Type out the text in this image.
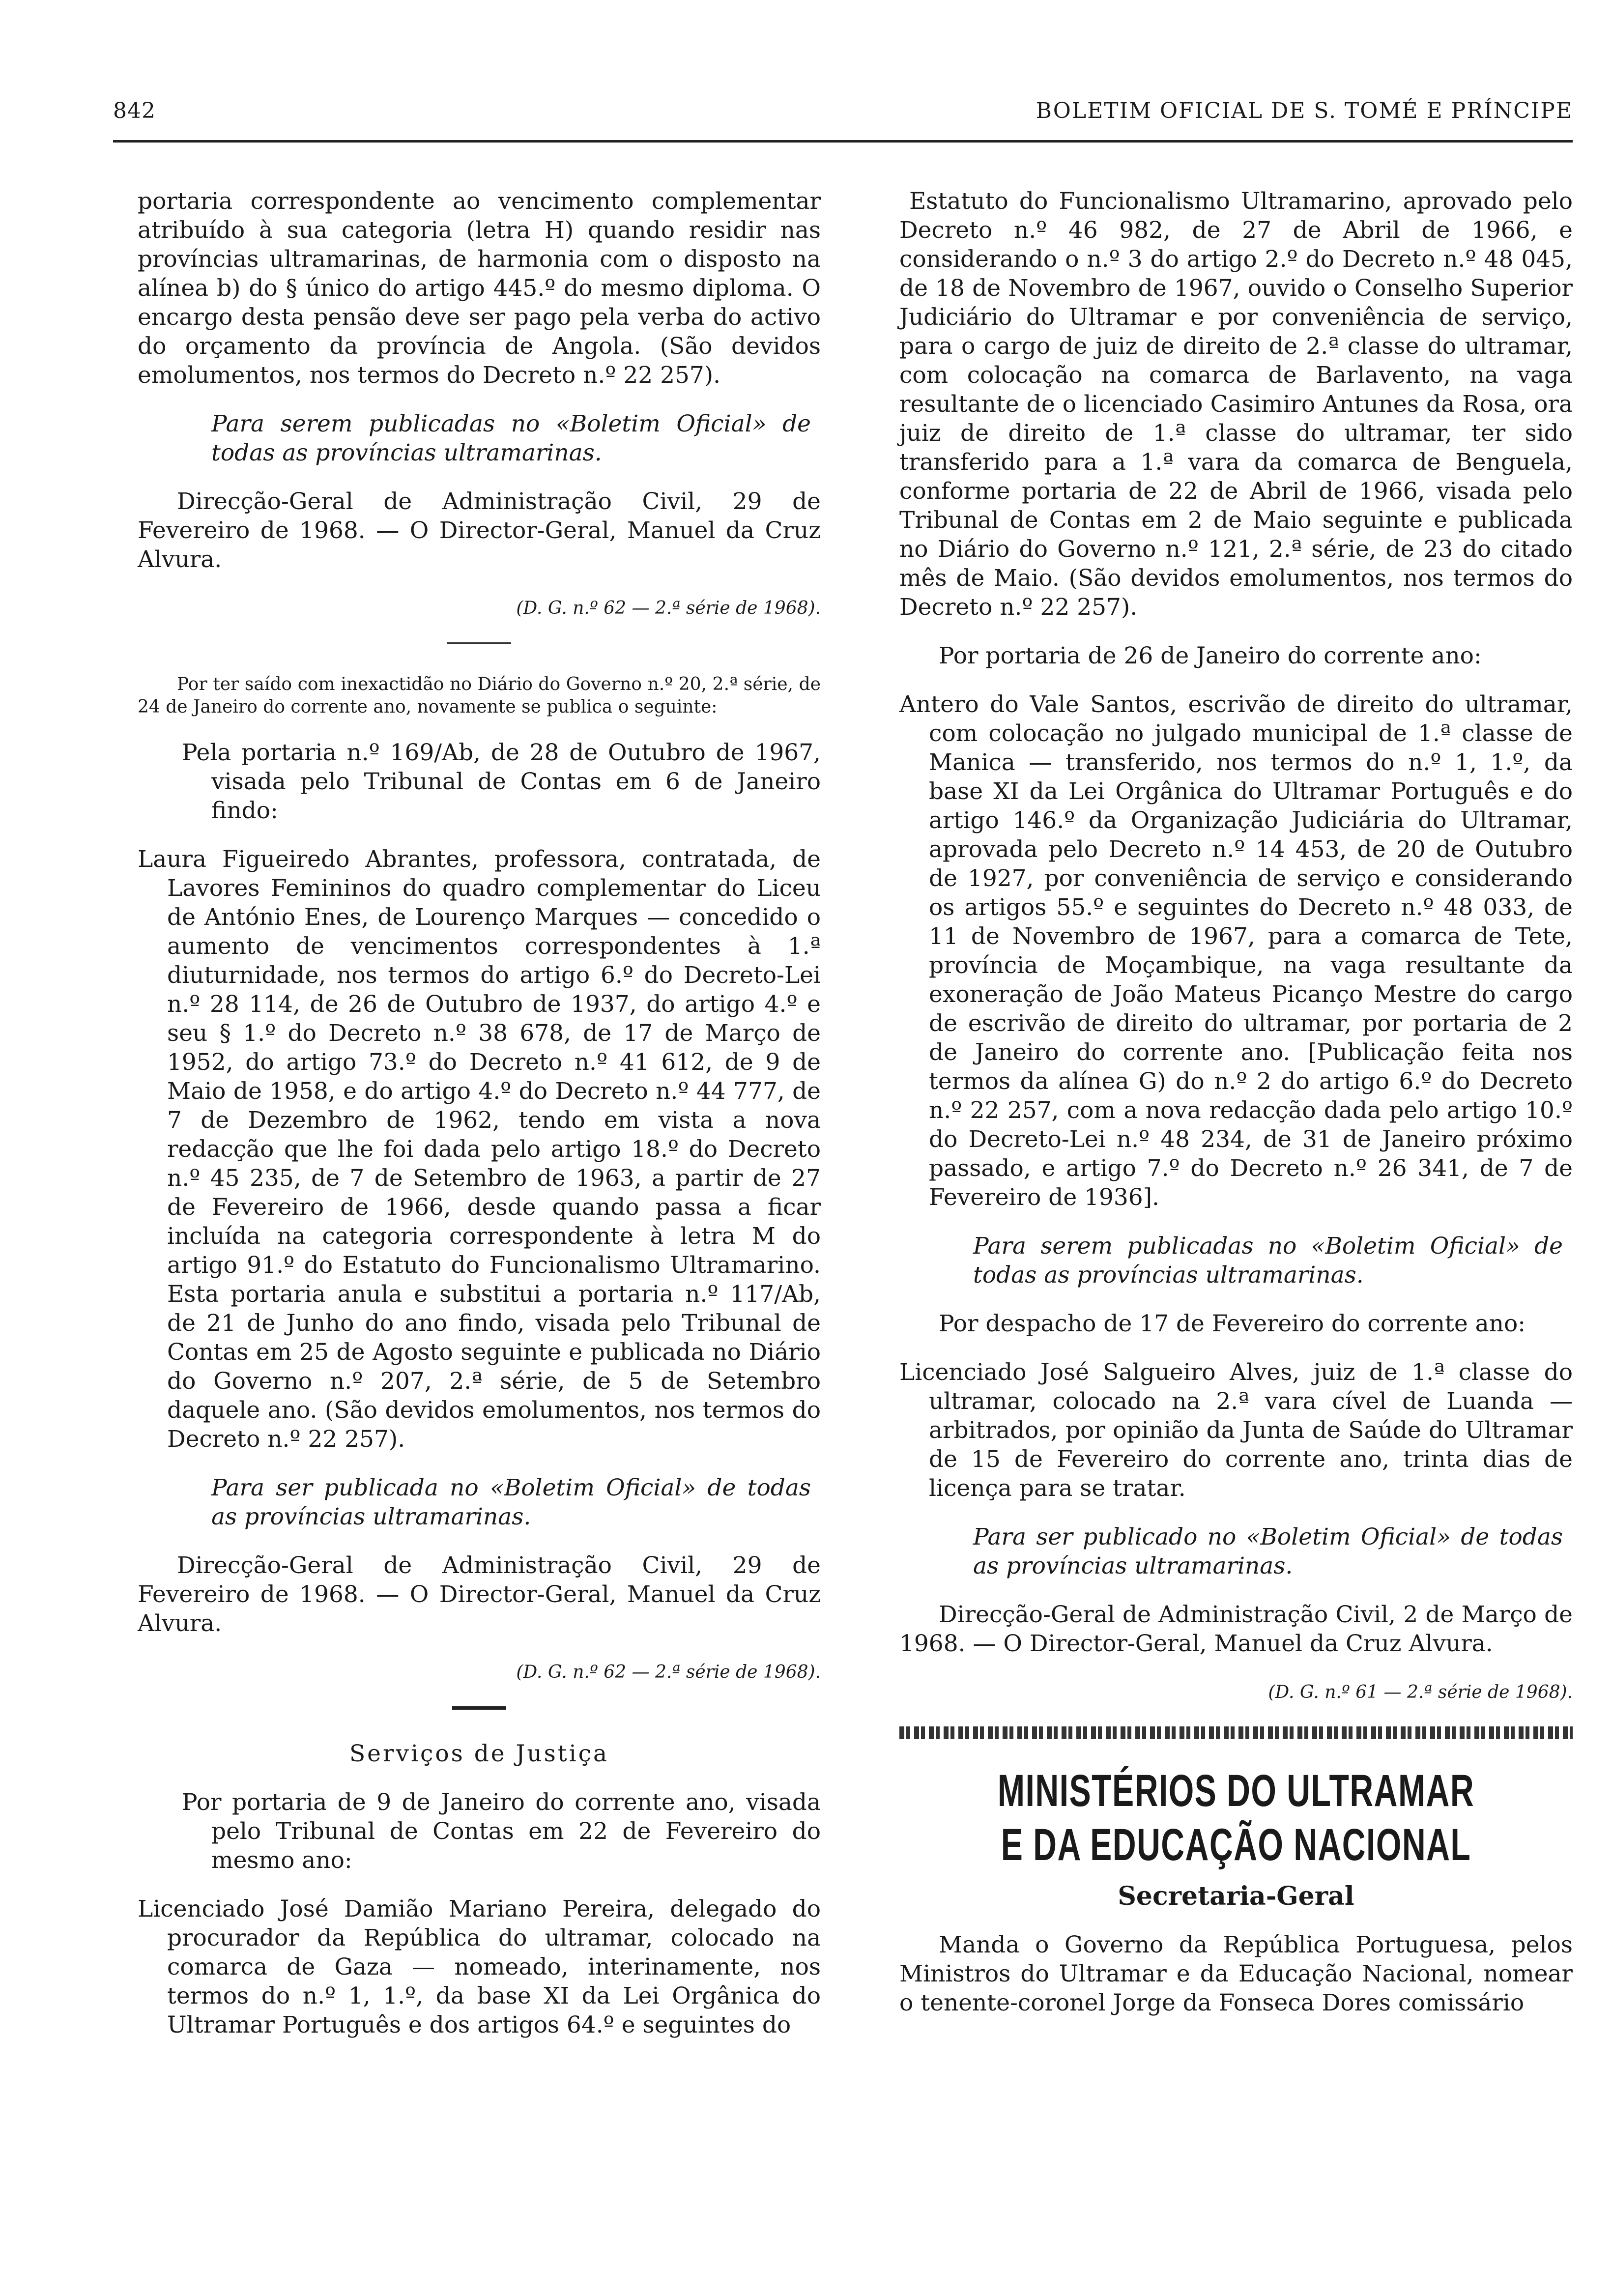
842	BOLETIM OFICIAL DE S. TOMÉ E PRÍNCIPE

portaria correspondente ao vencimento complementar atribuído à sua categoria (letra H) quando residir nas províncias ultramarinas, de harmonia com o disposto na alínea b) do § único do artigo 445.º do mesmo diploma. O encargo desta pensão deve ser pago pela verba do activo do orçamento da província de Angola. (São devidos emolumentos, nos termos do Decreto n.º 22 257).

Para serem publicadas no «Boletim Oficial» de todas as províncias ultramarinas.

Direcção-Geral de Administração Civil, 29 de Fevereiro de 1968. — O Director-Geral, Manuel da Cruz Alvura.

(D. G. n.º 62 — 2.ª série de 1968).

Por ter saído com inexactidão no Diário do Governo n.º 20, 2.ª série, de 24 de Janeiro do corrente ano, novamente se publica o seguinte:

Pela portaria n.º 169/Ab, de 28 de Outubro de 1967, visada pelo Tribunal de Contas em 6 de Janeiro findo:

Laura Figueiredo Abrantes, professora, contratada, de Lavores Femininos do quadro complementar do Liceu de António Enes, de Lourenço Marques — concedido o aumento de vencimentos correspondentes à 1.ª diuturnidade, nos termos do artigo 6.º do Decreto-Lei n.º 28 114, de 26 de Outubro de 1937, do artigo 4.º e seu § 1.º do Decreto n.º 38 678, de 17 de Março de 1952, do artigo 73.º do Decreto n.º 41 612, de 9 de Maio de 1958, e do artigo 4.º do Decreto n.º 44 777, de 7 de Dezembro de 1962, tendo em vista a nova redacção que lhe foi dada pelo artigo 18.º do Decreto n.º 45 235, de 7 de Setembro de 1963, a partir de 27 de Fevereiro de 1966, desde quando passa a ficar incluída na categoria correspondente à letra M do artigo 91.º do Estatuto do Funcionalismo Ultramarino. Esta portaria anula e substitui a portaria n.º 117/Ab, de 21 de Junho do ano findo, visada pelo Tribunal de Contas em 25 de Agosto seguinte e publicada no Diário do Governo n.º 207, 2.ª série, de 5 de Setembro daquele ano. (São devidos emolumentos, nos termos do Decreto n.º 22 257).

Para ser publicada no «Boletim Oficial» de todas as províncias ultramarinas.

Direcção-Geral de Administração Civil, 29 de Fevereiro de 1968. — O Director-Geral, Manuel da Cruz Alvura.

(D. G. n.º 62 — 2.ª série de 1968).

Serviços de Justiça

Por portaria de 9 de Janeiro do corrente ano, visada pelo Tribunal de Contas em 22 de Fevereiro do mesmo ano:

Licenciado José Damião Mariano Pereira, delegado do procurador da República do ultramar, colocado na comarca de Gaza — nomeado, interinamente, nos termos do n.º 1, 1.º, da base XI da Lei Orgânica do Ultramar Português e dos artigos 64.º e seguintes do

Estatuto do Funcionalismo Ultramarino, aprovado pelo Decreto n.º 46 982, de 27 de Abril de 1966, e considerando o n.º 3 do artigo 2.º do Decreto n.º 48 045, de 18 de Novembro de 1967, ouvido o Conselho Superior Judiciário do Ultramar e por conveniência de serviço, para o cargo de juiz de direito de 2.ª classe do ultramar, com colocação na comarca de Barlavento, na vaga resultante de o licenciado Casimiro Antunes da Rosa, ora juiz de direito de 1.ª classe do ultramar, ter sido transferido para a 1.ª vara da comarca de Benguela, conforme portaria de 22 de Abril de 1966, visada pelo Tribunal de Contas em 2 de Maio seguinte e publicada no Diário do Governo n.º 121, 2.ª série, de 23 do citado mês de Maio. (São devidos emolumentos, nos termos do Decreto n.º 22 257).

Por portaria de 26 de Janeiro do corrente ano:

Antero do Vale Santos, escrivão de direito do ultramar, com colocação no julgado municipal de 1.ª classe de Manica — transferido, nos termos do n.º 1, 1.º, da base XI da Lei Orgânica do Ultramar Português e do artigo 146.º da Organização Judiciária do Ultramar, aprovada pelo Decreto n.º 14 453, de 20 de Outubro de 1927, por conveniência de serviço e considerando os artigos 55.º e seguintes do Decreto n.º 48 033, de 11 de Novembro de 1967, para a comarca de Tete, província de Moçambique, na vaga resultante da exoneração de João Mateus Picanço Mestre do cargo de escrivão de direito do ultramar, por portaria de 2 de Janeiro do corrente ano. [Publicação feita nos termos da alínea G) do n.º 2 do artigo 6.º do Decreto n.º 22 257, com a nova redacção dada pelo artigo 10.º do Decreto-Lei n.º 48 234, de 31 de Janeiro próximo passado, e artigo 7.º do Decreto n.º 26 341, de 7 de Fevereiro de 1936].

Para serem publicadas no «Boletim Oficial» de todas as províncias ultramarinas.

Por despacho de 17 de Fevereiro do corrente ano:

Licenciado José Salgueiro Alves, juiz de 1.ª classe do ultramar, colocado na 2.ª vara cível de Luanda — arbitrados, por opinião da Junta de Saúde do Ultramar de 15 de Fevereiro do corrente ano, trinta dias de licença para se tratar.

Para ser publicado no «Boletim Oficial» de todas as províncias ultramarinas.

Direcção-Geral de Administração Civil, 2 de Março de 1968. — O Director-Geral, Manuel da Cruz Alvura.

(D. G. n.º 61 — 2.ª série de 1968).

MINISTÉRIOS DO ULTRAMAR
E DA EDUCAÇÃO NACIONAL

Secretaria-Geral

Manda o Governo da República Portuguesa, pelos Ministros do Ultramar e da Educação Nacional, nomear o tenente-coronel Jorge da Fonseca Dores comissário
